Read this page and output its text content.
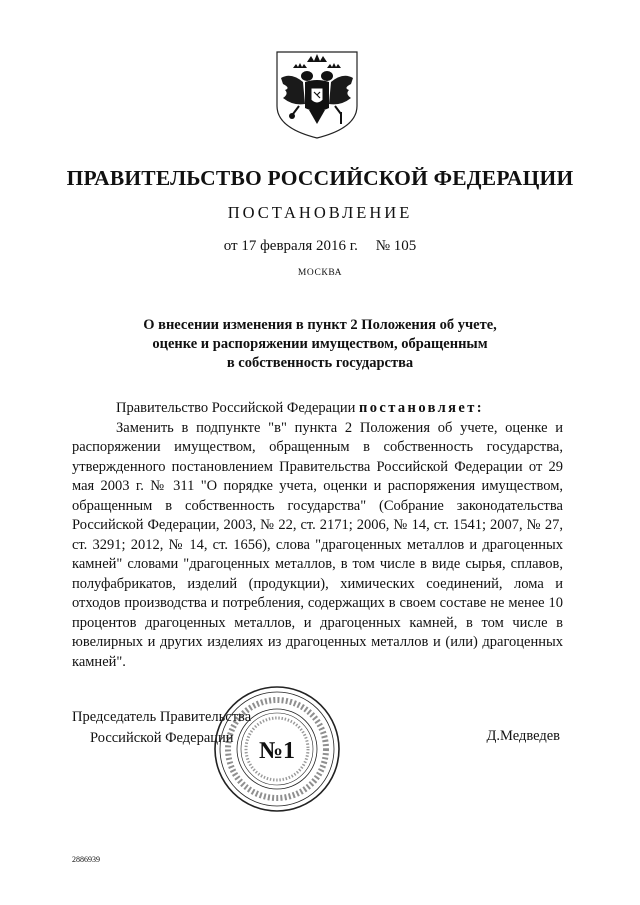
ПРАВИТЕЛЬСТВО РОССИЙСКОЙ ФЕДЕРАЦИИ
ПОСТАНОВЛЕНИЕ
от 17 февраля 2016 г. № 105
МОСКВА
О внесении изменения в пункт 2 Положения об учете,
оценке и распоряжении имуществом, обращенным
в собственность государства

Правительство Российской Федерации постановляет:

Заменить в подпункте "в" пункта 2 Положения об учете, оценке и распоряжении имуществом, обращенным в собственность государства, утвержденного постановлением Правительства Российской Федерации от 29 мая 2003 г. № 311 "О порядке учета, оценки и распоряжения имуществом, обращенным в собственность государства" (Собрание законодательства Российской Федерации, 2003, № 22, ст. 2171; 2006, № 14, ст. 1541; 2007, № 27, ст. 3291; 2012, № 14, ст. 1656), слова "драгоценных металлов и драгоценных камней" словами "драгоценных металлов, в том числе в виде сырья, сплавов, полуфабрикатов, изделий (продукции), химических соединений, лома и отходов производства и потребления, содержащих в своем составе не менее 10 процентов драгоценных металлов, и драгоценных камней, в том числе в ювелирных и других изделиях из драгоценных металлов и (или) драгоценных камней".

Председатель Правительства
Российской Федерации	Д.Медведев
№1
2886939
